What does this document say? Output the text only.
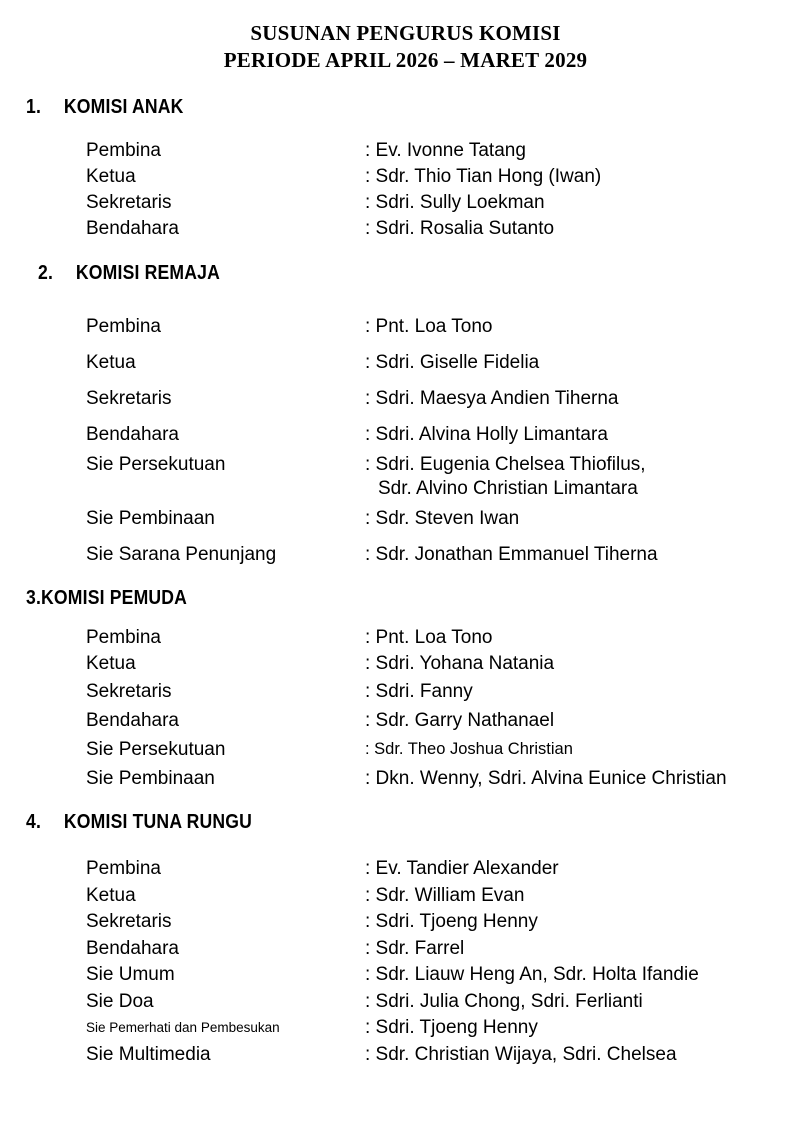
SUSUNAN PENGURUS KOMISI
PERIODE APRIL 2026 – MARET 2029
1. KOMISI ANAK
Pembina	: Ev. Ivonne Tatang
Ketua	: Sdr. Thio Tian Hong (Iwan)
Sekretaris	: Sdri. Sully Loekman
Bendahara	: Sdri. Rosalia Sutanto
2. KOMISI REMAJA
Pembina	: Pnt. Loa Tono
Ketua	: Sdri. Giselle Fidelia
Sekretaris	: Sdri. Maesya Andien Tiherna
Bendahara	: Sdri. Alvina Holly Limantara
Sie Persekutuan	: Sdri. Eugenia Chelsea Thiofilus,
Sdr. Alvino Christian Limantara
Sie Pembinaan	: Sdr. Steven Iwan
Sie Sarana Penunjang	: Sdr. Jonathan Emmanuel Tiherna
3.KOMISI PEMUDA
Pembina	: Pnt. Loa Tono
Ketua	: Sdri. Yohana Natania
Sekretaris	: Sdri. Fanny
Bendahara	: Sdr. Garry Nathanael
Sie Persekutuan	: Sdr. Theo Joshua Christian
Sie Pembinaan	: Dkn. Wenny, Sdri. Alvina Eunice Christian
4. KOMISI TUNA RUNGU
Pembina	: Ev. Tandier Alexander
Ketua	: Sdr. William Evan
Sekretaris	: Sdri. Tjoeng Henny
Bendahara	: Sdr. Farrel
Sie Umum	: Sdr. Liauw Heng An, Sdr. Holta Ifandie
Sie Doa	: Sdri. Julia Chong, Sdri. Ferlianti
Sie Pemerhati dan Pembesukan	: Sdri. Tjoeng Henny
Sie Multimedia	: Sdr. Christian Wijaya, Sdri. Chelsea
